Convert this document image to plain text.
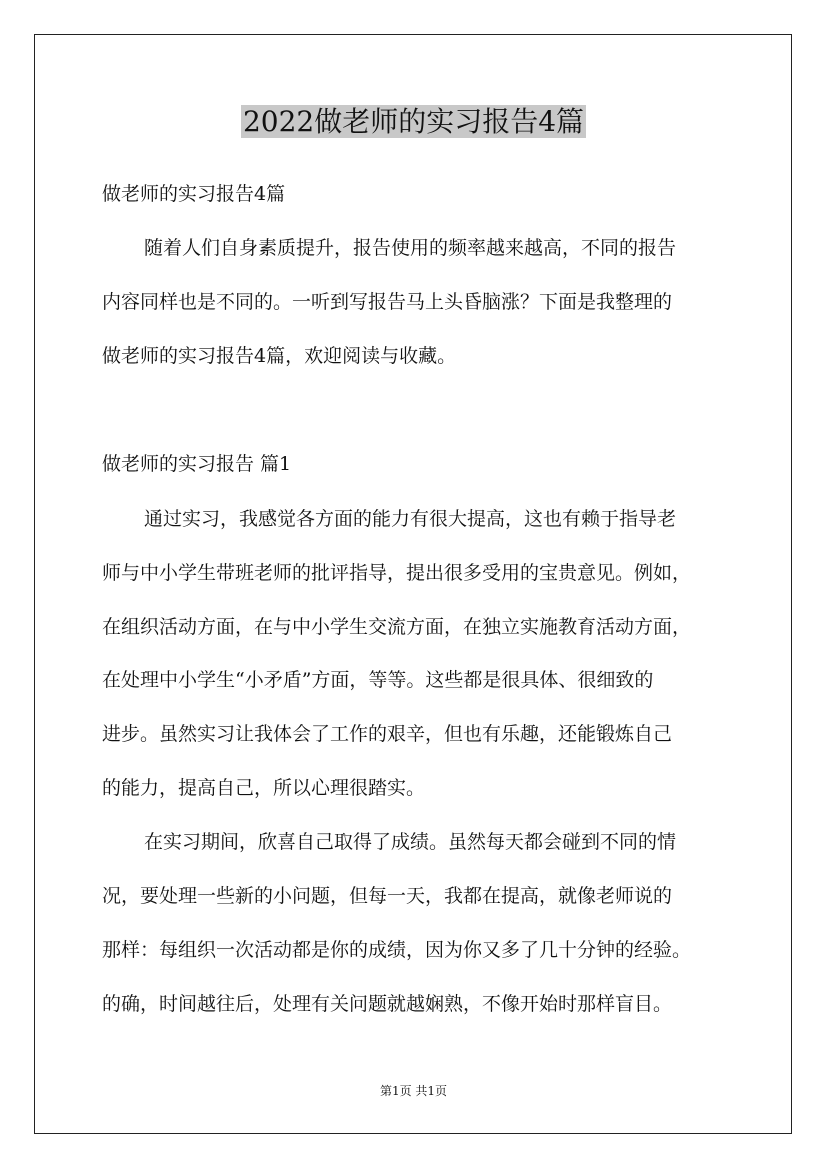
2022做老师的实习报告4篇

做老师的实习报告4篇

随着人们自身素质提升，报告使用的频率越来越高，不同的报告

内容同样也是不同的。一听到写报告马上头昏脑涨？下面是我整理的

做老师的实习报告4篇，欢迎阅读与收藏。

做老师的实习报告 篇1

通过实习，我感觉各方面的能力有很大提高，这也有赖于指导老

师与中小学生带班老师的批评指导，提出很多受用的宝贵意见。例如，

在组织活动方面，在与中小学生交流方面，在独立实施教育活动方面，

在处理中小学生“小矛盾”方面，等等。这些都是很具体、很细致的

进步。虽然实习让我体会了工作的艰辛，但也有乐趣，还能锻炼自己

的能力，提高自己，所以心理很踏实。

在实习期间，欣喜自己取得了成绩。虽然每天都会碰到不同的情

况，要处理一些新的小问题，但每一天，我都在提高，就像老师说的

那样：每组织一次活动都是你的成绩，因为你又多了几十分钟的经验。

的确，时间越往后，处理有关问题就越娴熟，不像开始时那样盲目。

第1页 共1页
